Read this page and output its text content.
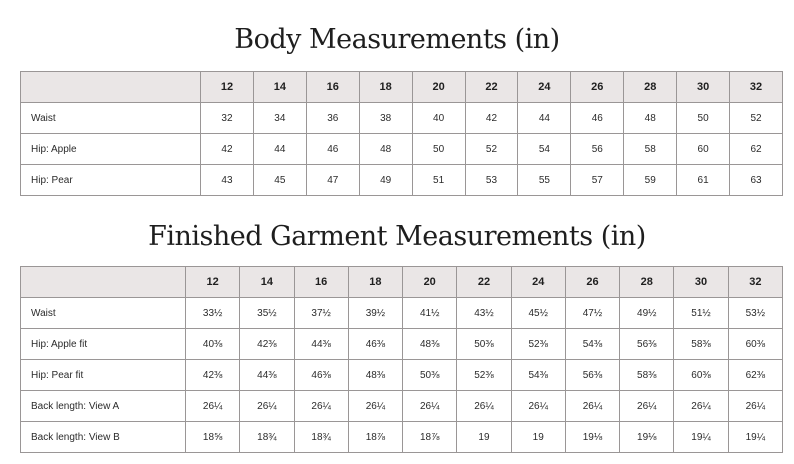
Body Measurements (in)
	12	14	16	18	20	22	24	26	28	30	32
Waist	32	34	36	38	40	42	44	46	48	50	52
Hip: Apple	42	44	46	48	50	52	54	56	58	60	62
Hip: Pear	43	45	47	49	51	53	55	57	59	61	63
Finished Garment Measurements (in)
	12	14	16	18	20	22	24	26	28	30	32
Waist	33½	35½	37½	39½	41½	43½	45½	47½	49½	51½	53½
Hip: Apple fit	40⅜	42⅜	44⅜	46⅜	48⅜	50⅜	52⅜	54⅜	56⅜	58⅜	60⅜
Hip: Pear fit	42⅜	44⅜	46⅜	48⅜	50⅜	52⅜	54⅜	56⅜	58⅜	60⅜	62⅜
Back length: View A	26¼	26¼	26¼	26¼	26¼	26¼	26¼	26¼	26¼	26¼	26¼
Back length: View B	18⅝	18¾	18¾	18⅞	18⅞	19	19	19⅛	19⅛	19¼	19¼
